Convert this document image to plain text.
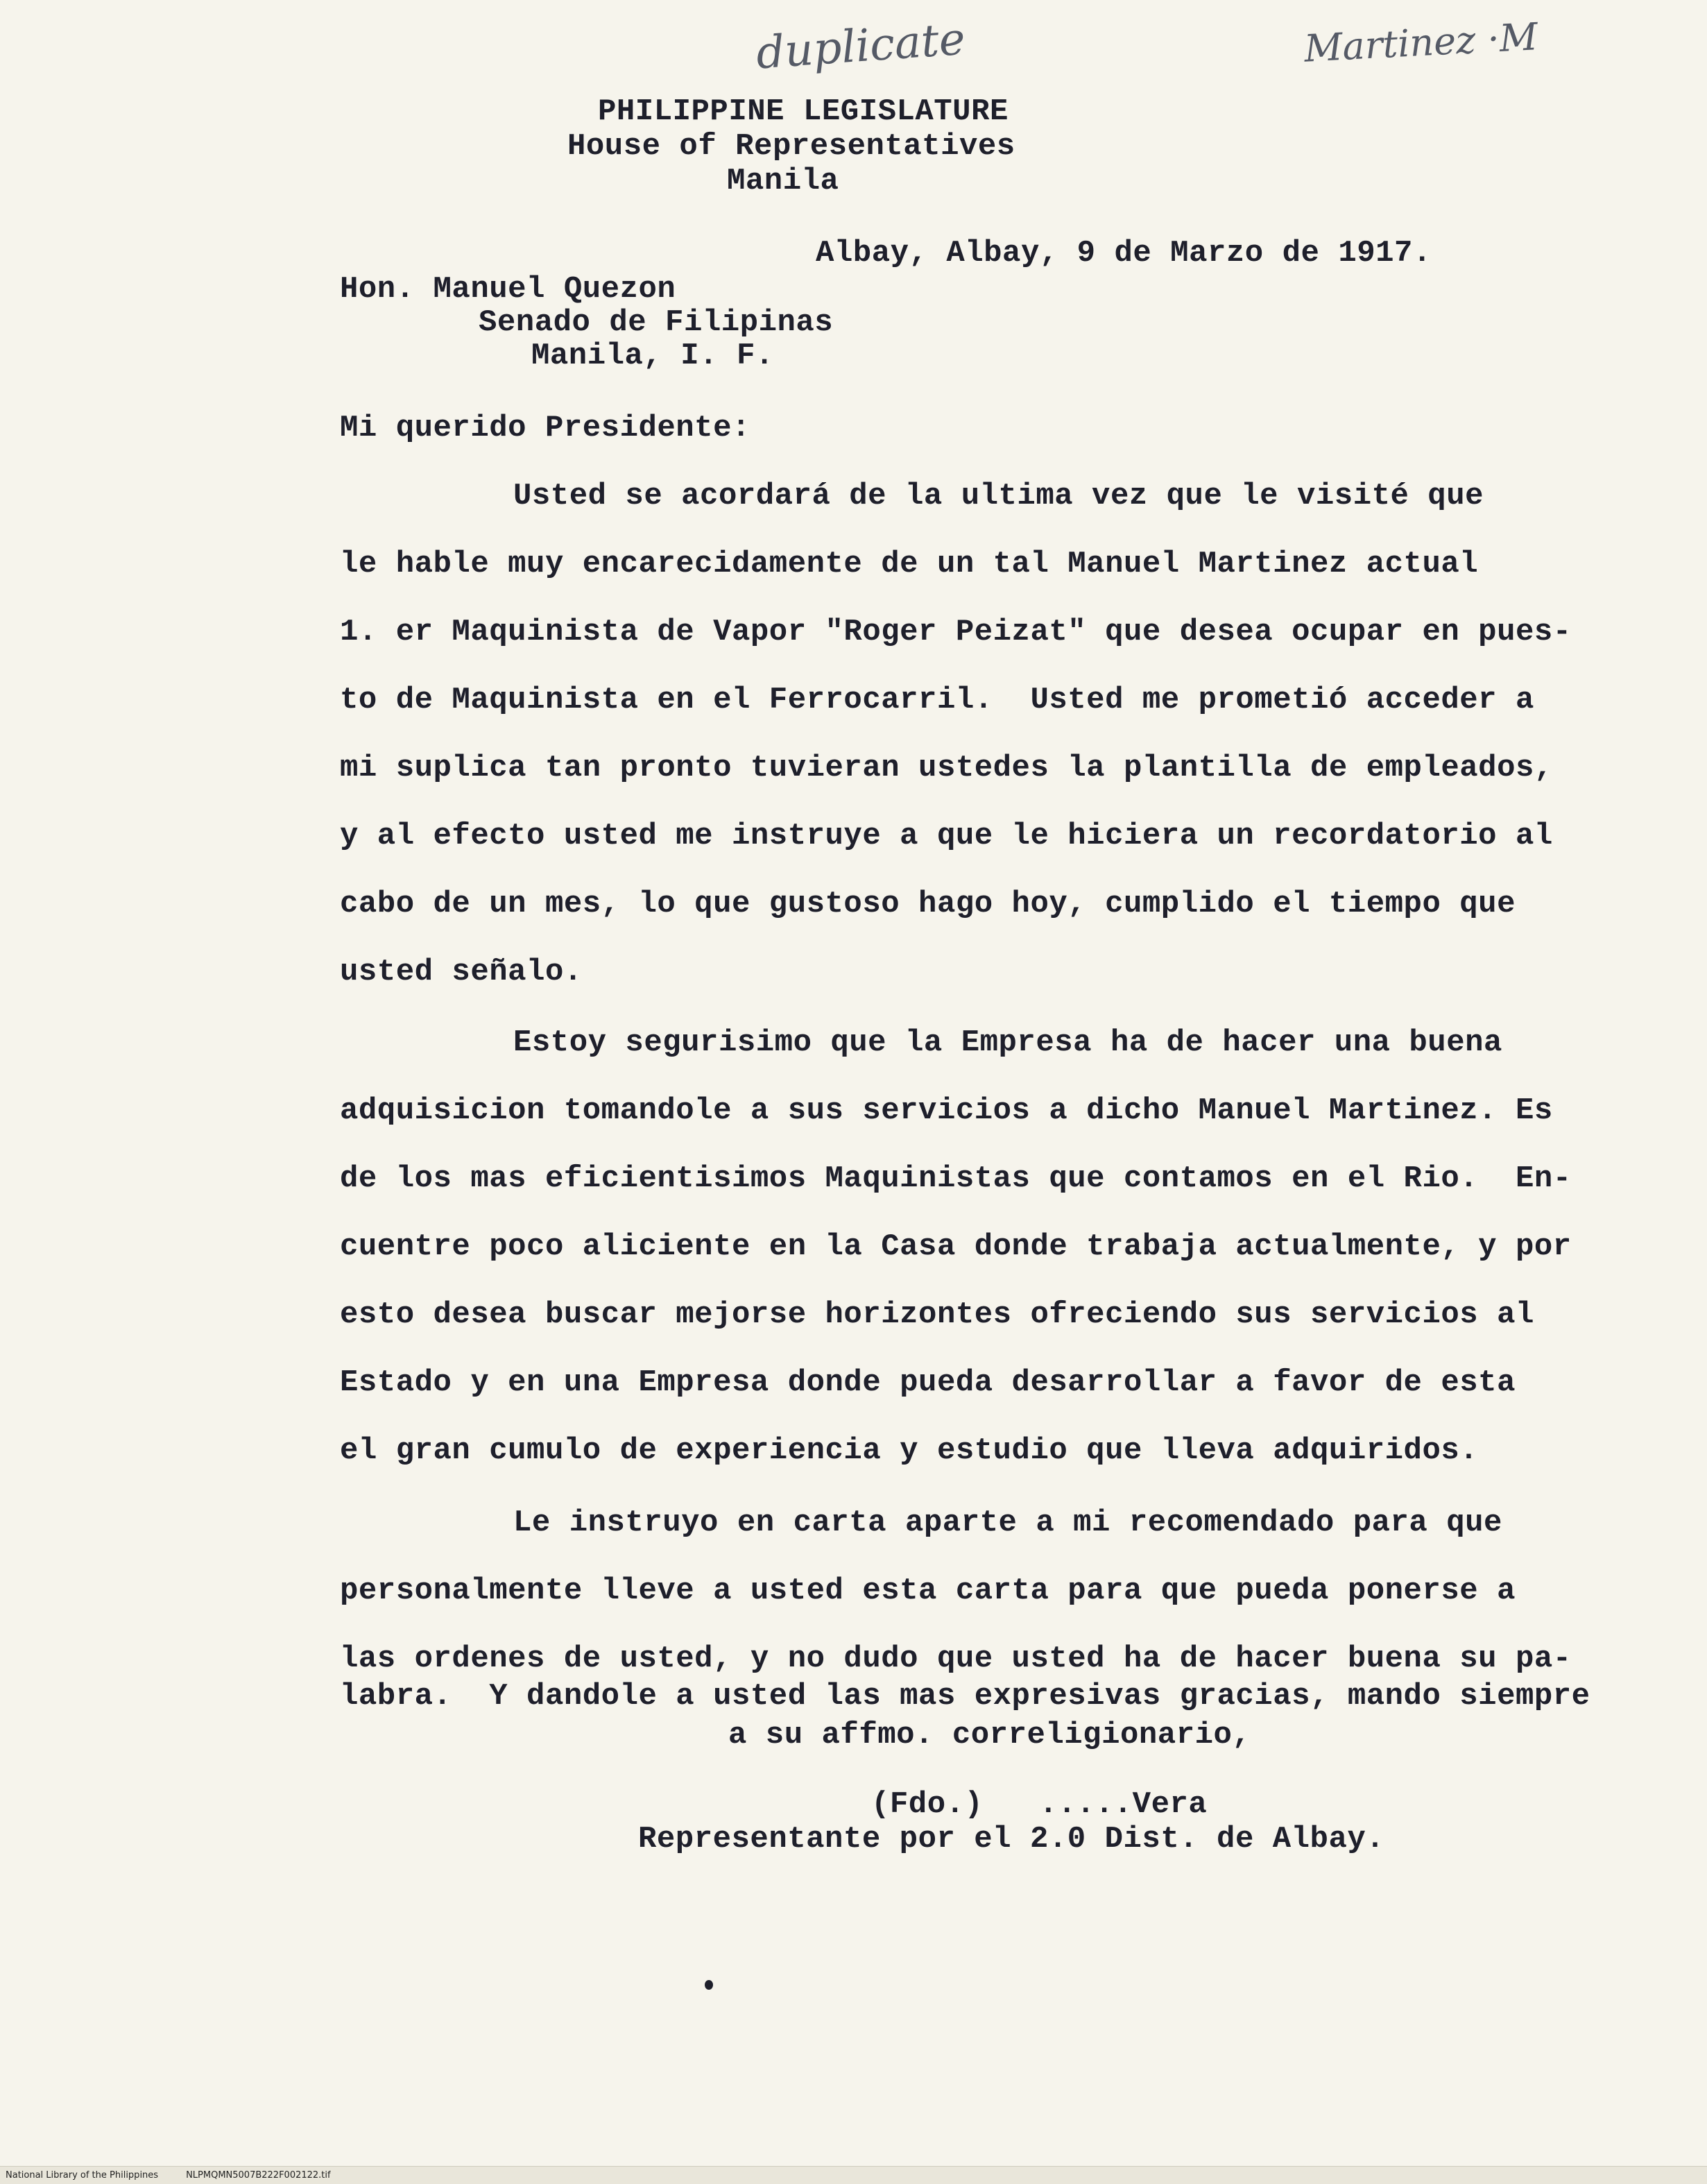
duplicate	Martinez ·M
PHILIPPINE LEGISLATURE
House of Representatives
Manila
Albay, Albay, 9 de Marzo de 1917.
Hon. Manuel Quezon
Senado de Filipinas
Manila, I. F.
Mi querido Presidente:
Usted se acordará de la ultima vez que le visité que
le hable muy encarecidamente de un tal Manuel Martinez actual
1. er Maquinista de Vapor "Roger Peizat" que desea ocupar en pues-
to de Maquinista en el Ferrocarril.  Usted me prometió acceder a
mi suplica tan pronto tuvieran ustedes la plantilla de empleados,
y al efecto usted me instruye a que le hiciera un recordatorio al
cabo de un mes, lo que gustoso hago hoy, cumplido el tiempo que
usted señalo.
Estoy segurisimo que la Empresa ha de hacer una buena
adquisicion tomandole a sus servicios a dicho Manuel Martinez. Es
de los mas eficientisimos Maquinistas que contamos en el Rio.  En-
cuentre poco aliciente en la Casa donde trabaja actualmente, y por
esto desea buscar mejorse horizontes ofreciendo sus servicios al
Estado y en una Empresa donde pueda desarrollar a favor de esta
el gran cumulo de experiencia y estudio que lleva adquiridos.
Le instruyo en carta aparte a mi recomendado para que
personalmente lleve a usted esta carta para que pueda ponerse a
las ordenes de usted, y no dudo que usted ha de hacer buena su pa-
labra.  Y dandole a usted las mas expresivas gracias, mando siempre
a su affmo. correligionario,
(Fdo.)   .....Vera
Representante por el 2.0 Dist. de Albay.
National Library of the Philippines	NLPMQMN5007B222F002122.tif
